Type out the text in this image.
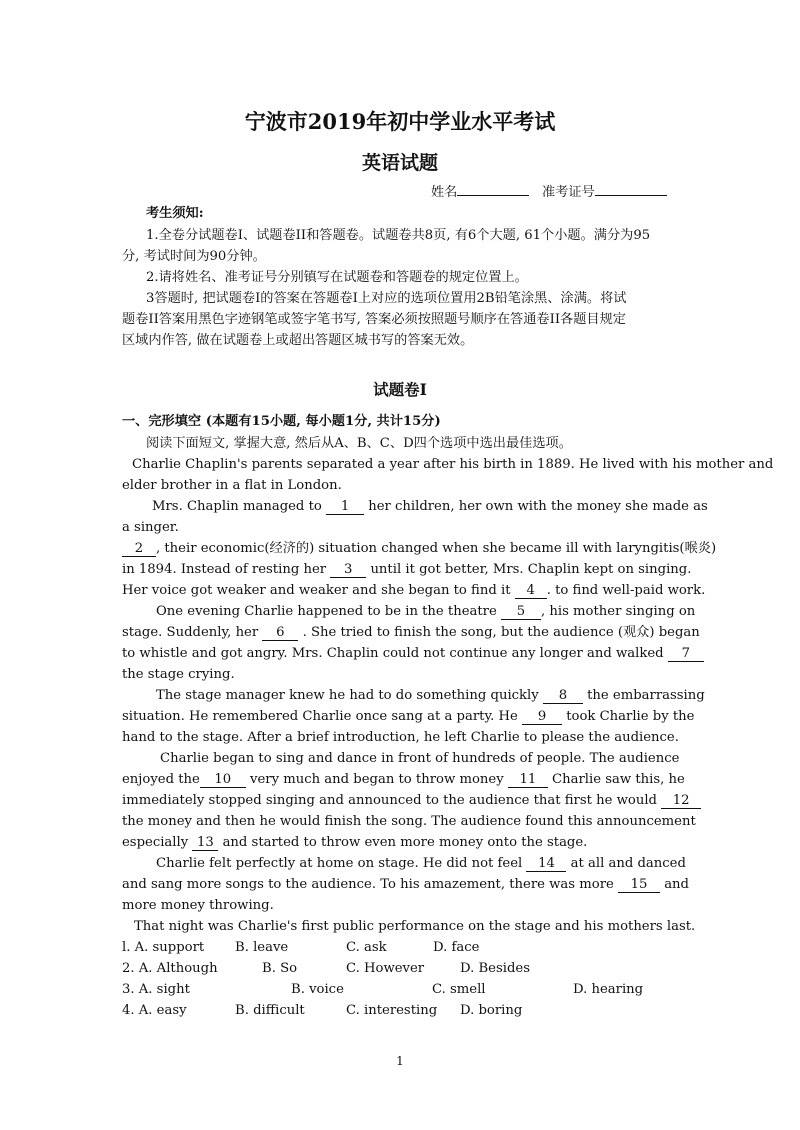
宁波市2019年初中学业水平考试
英语试题
姓名	准考证号
考生须知:
1.全卷分试题卷I、试题卷II和答题卷。试题卷共8页, 有6个大题, 61个小题。满分为95
分, 考试时间为90分钟。
2.请将姓名、准考证号分别镇写在试题卷和答题卷的规定位置上。
3答题时, 把试题卷I的答案在答题卷I上对应的选项位置用2B铅笔涂黑、涂满。将试
题卷II答案用黑色字迹钢笔或签字笔书写, 答案必须按照题号顺序在答通卷II各题目规定
区域内作答, 做在试题卷上或超出答题区城书写的答案无效。
试题卷I
一、完形填空 (本题有15小题, 每小题1分, 共计15分)
阅读下面短文, 掌握大意, 然后从A、B、C、D四个选项中选出最佳选项。
Charlie Chaplin's parents separated a year after his birth in 1889. He lived with his mother and
elder brother in a flat in London.
Mrs. Chaplin managed to 1 her children, her own with the money she made as
a singer.
2 , their economic(经济的) situation changed when she became ill with laryngitis(喉炎)
in 1894. Instead of resting her 3 until it got better, Mrs. Chaplin kept on singing.
Her voice got weaker and weaker and she began to find it 4 . to find well-paid work.
One evening Charlie happened to be in the theatre 5 , his mother singing on
stage. Suddenly, her 6 . She tried to finish the song, but the audience (观众) began
to whistle and got angry. Mrs. Chaplin could not continue any longer and walked 7
the stage crying.
The stage manager knew he had to do something quickly 8 the embarrassing
situation. He remembered Charlie once sang at a party. He 9 took Charlie by the
hand to the stage. After a brief introduction, he left Charlie to please the audience.
Charlie began to sing and dance in front of hundreds of people. The audience
enjoyed the 10 very much and began to throw money 11 Charlie saw this, he
immediately stopped singing and announced to the audience that first he would 12
the money and then he would finish the song. The audience found this announcement
especially 13 and started to throw even more money onto the stage.
Charlie felt perfectly at home on stage. He did not feel 14 at all and danced
and sang more songs to the audience. To his amazement, there was more 15 and
more money throwing.
That night was Charlie's first public performance on the stage and his mothers last.
l. A. support B. leave	C. ask	D. face
2. A. Although	B. So	C. However	D. Besides
3. A. sight	B. voice	C. smell	D. hearing
4. A. easy	B. difficult	C. interesting D. boring
1
